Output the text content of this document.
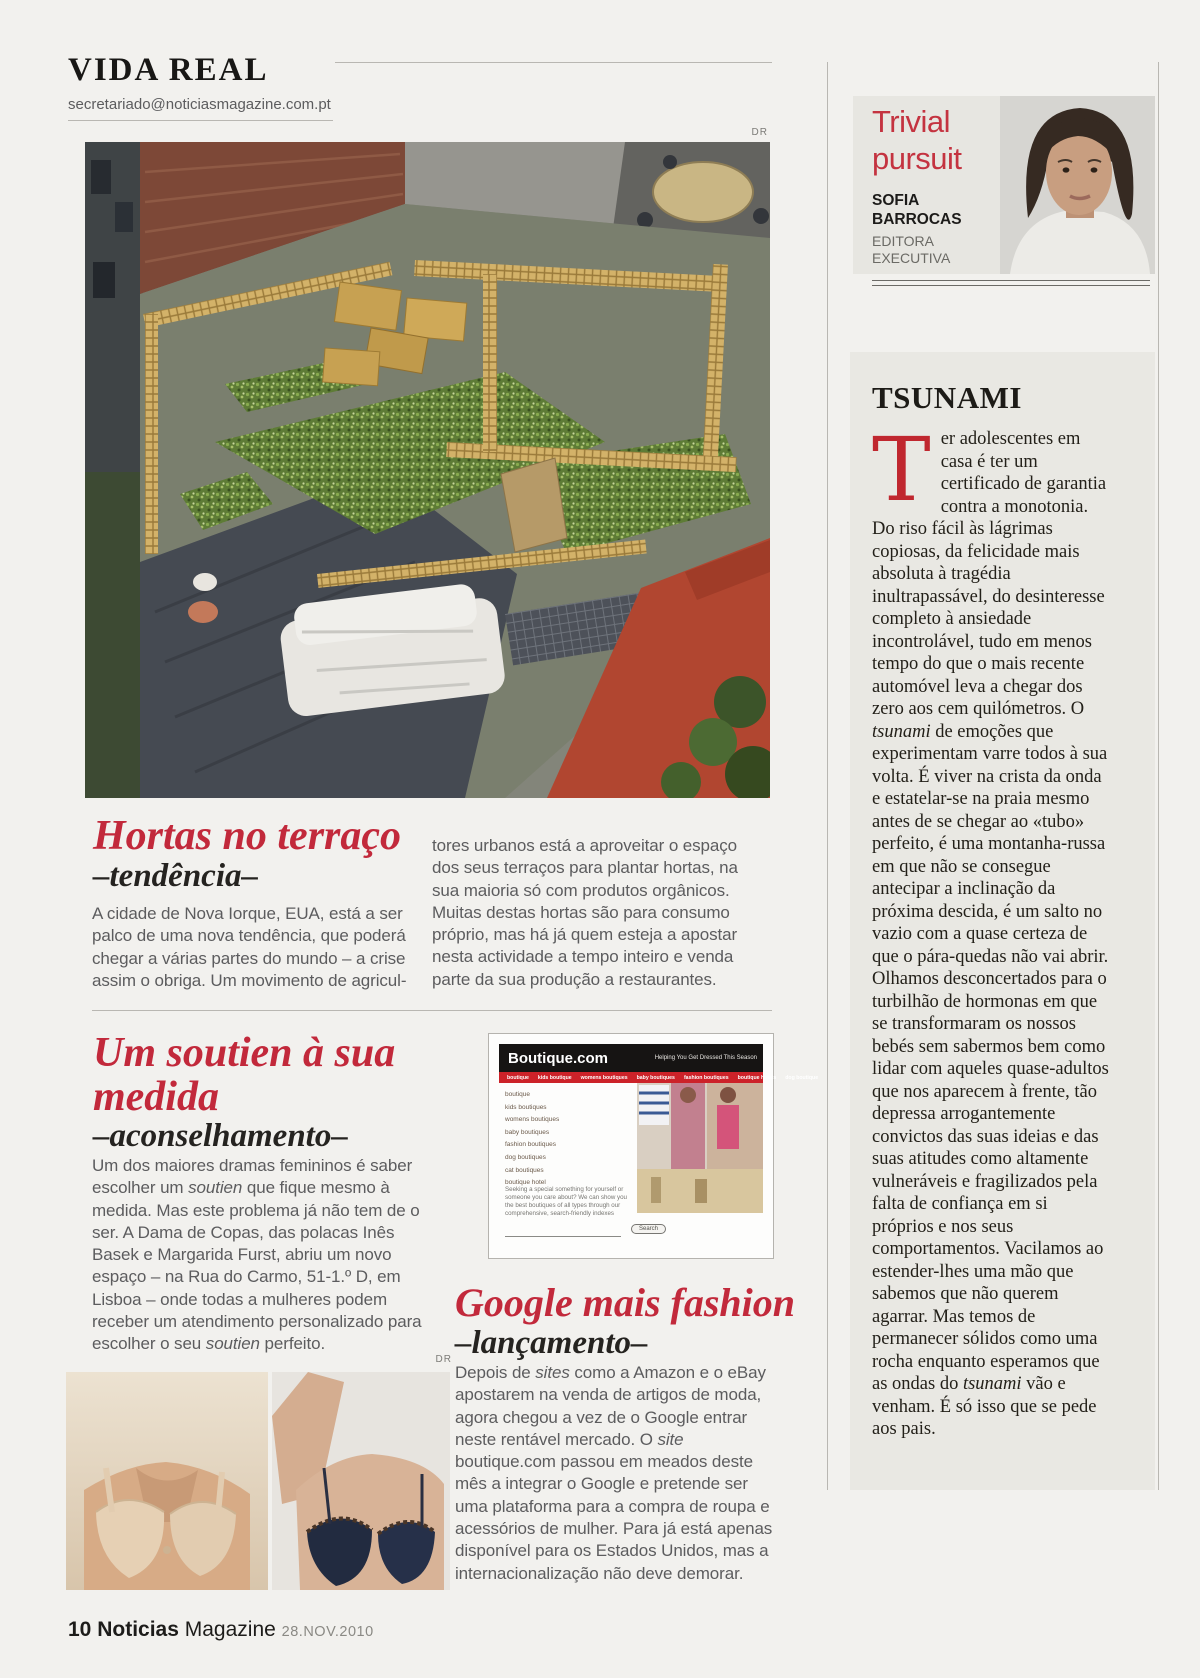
VIDA REAL
secretariado@noticiasmagazine.com.pt
DR
Hortas no terraço
–tendência–
A cidade de Nova Iorque, EUA, está a ser palco de uma nova tendência, que poderá chegar a várias partes do mundo – a crise assim o obriga. Um movimento de agricul-
tores urbanos está a aproveitar o espaço dos seus terraços para plantar hortas, na sua maioria só com produtos orgânicos. Muitas destas hortas são para consumo próprio, mas há já quem esteja a apostar nesta actividade a tempo inteiro e venda parte da sua produção a restaurantes.
Um soutien à sua
medida
–aconselhamento–
Um dos maiores dramas femininos é saber escolher um soutien que fique mesmo à medida. Mas este problema já não tem de o ser. A Dama de Copas, das polacas Inês Basek e Margarida Furst, abriu um novo espaço – na Rua do Carmo, 51-1.º D, em Lisboa – onde todas a mulheres podem receber um atendimento personalizado para escolher o seu soutien perfeito.
DR
Boutique.com	Helping You Get Dressed This Season
boutique kids boutique womens boutiques baby boutiques fashion boutiques boutique hotels dog boutique
boutique
kids boutiques
womens boutiques
baby boutiques
fashion boutiques
dog boutiques
cat boutiques
boutique hotel
Seeking a special something for yourself or someone you care about? We can show you the best boutiques of all types through our comprehensive, search-friendly indexes
Search
Google mais fashion
–lançamento–
Depois de sites como a Amazon e o eBay apostarem na venda de artigos de moda, agora chegou a vez de o Google entrar neste rentável mercado. O site boutique.com passou em meados deste mês a integrar o Google e pretende ser uma plataforma para a compra de roupa e acessórios de mulher. Para já está apenas disponível para os Estados Unidos, mas a internacionalização não deve demorar.
10 Noticias Magazine 28.NOV.2010
Trivial
pursuit
SOFIA
BARROCAS
EDITORA
EXECUTIVA
TSUNAMI
Ter adolescentes em casa é ter um certificado de garantia contra a monotonia. Do riso fácil às lágrimas copiosas, da felicidade mais absoluta à tragédia inultrapassável, do desinteresse completo à ansiedade incontrolável, tudo em menos tempo do que o mais recente automóvel leva a chegar dos zero aos cem quilómetros. O tsunami de emoções que experimentam varre todos à sua volta. É viver na crista da onda e estatelar-se na praia mesmo antes de se chegar ao «tubo» perfeito, é uma montanha-russa em que não se consegue antecipar a inclinação da próxima descida, é um salto no vazio com a quase certeza de que o pára-quedas não vai abrir. Olhamos desconcertados para o turbilhão de hormonas em que se transformaram os nossos bebés sem sabermos bem como lidar com aqueles quase-adultos que nos aparecem à frente, tão depressa arrogantemente convictos das suas ideias e das suas atitudes como altamente vulneráveis e fragilizados pela falta de confiança em si próprios e nos seus comportamentos. Vacilamos ao estender-lhes uma mão que sabemos que não querem agarrar. Mas temos de permanecer sólidos como uma rocha enquanto esperamos que as ondas do tsunami vão e venham. É só isso que se pede aos pais.
